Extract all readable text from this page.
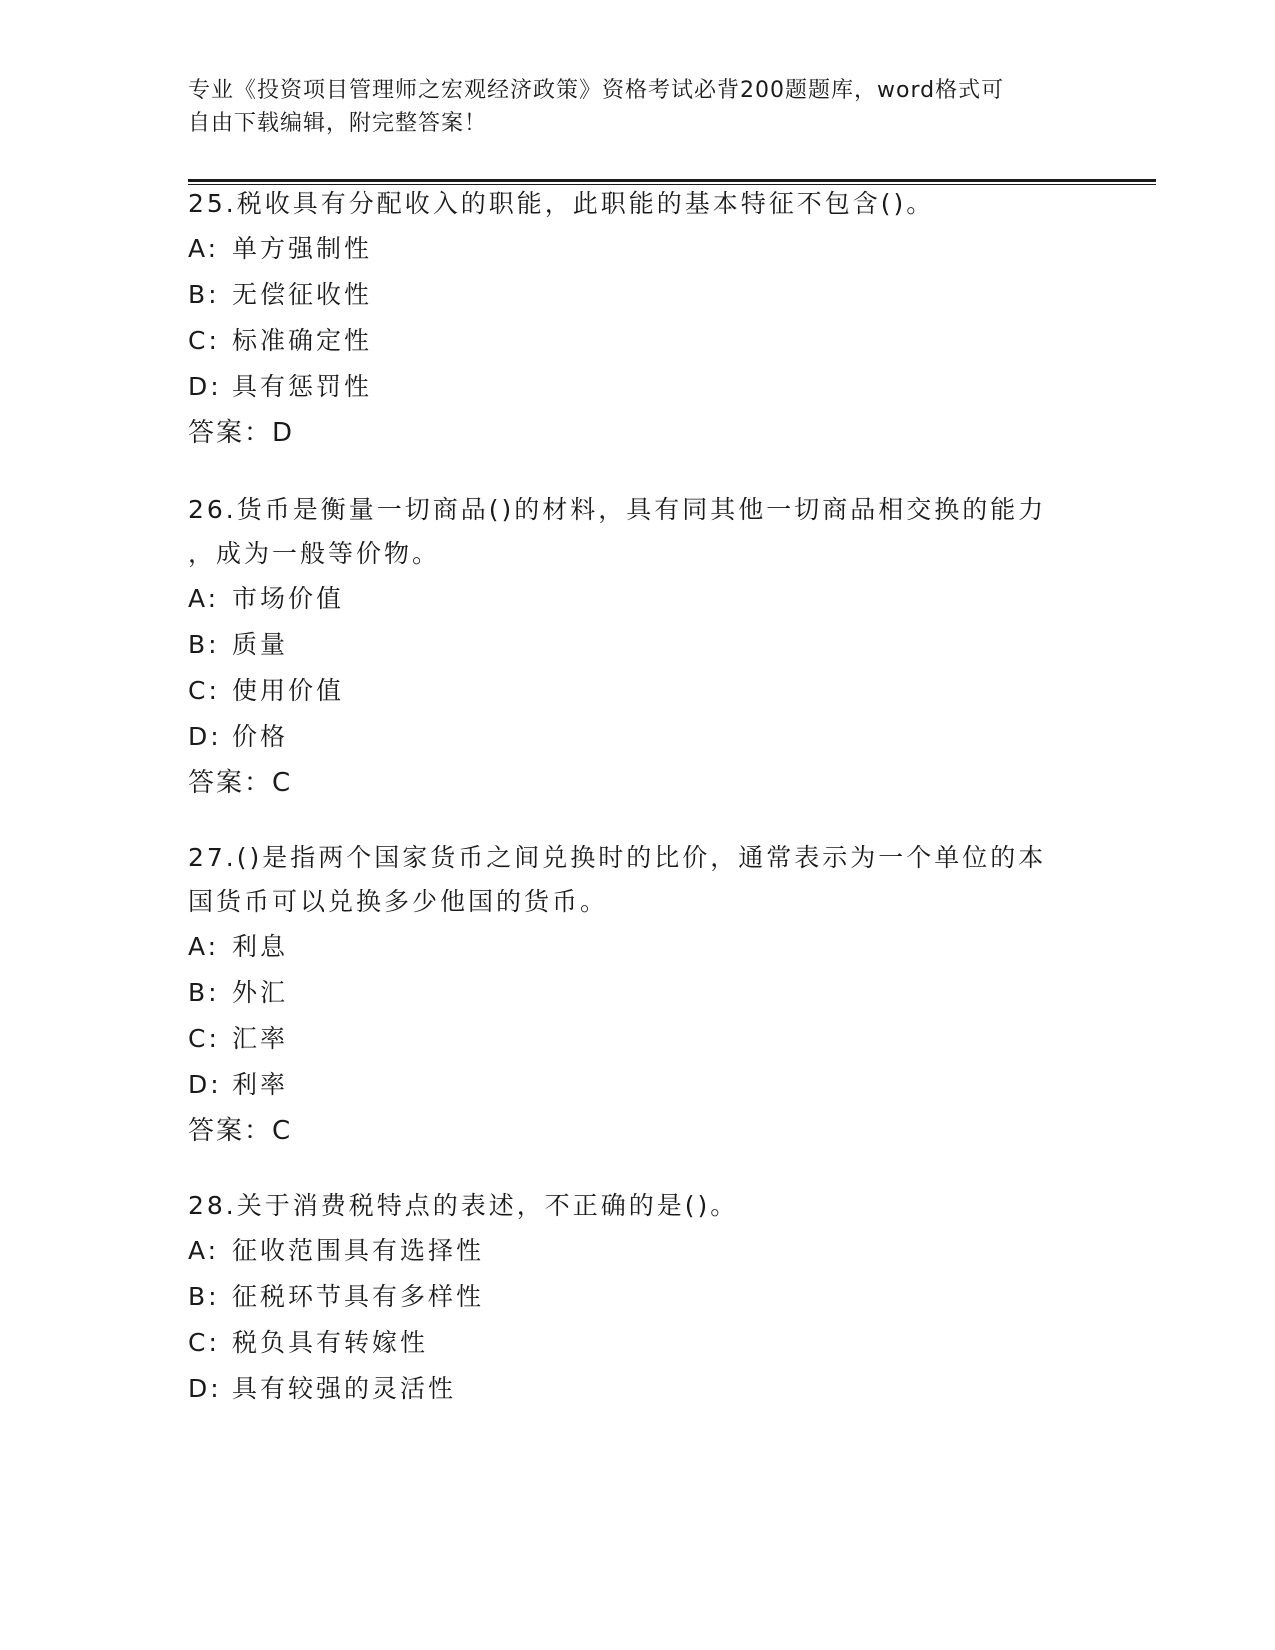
专业《投资项目管理师之宏观经济政策》资格考试必背200题题库，word格式可
自由下载编辑，附完整答案！

25.税收具有分配收入的职能，此职能的基本特征不包含()。

A: 单方强制性

B: 无偿征收性

C: 标准确定性

D: 具有惩罚性

答案：D

26.货币是衡量一切商品()的材料，具有同其他一切商品相交换的能力

，成为一般等价物。

A: 市场价值

B: 质量

C: 使用价值

D: 价格

答案：C

27.()是指两个国家货币之间兑换时的比价，通常表示为一个单位的本

国货币可以兑换多少他国的货币。

A: 利息

B: 外汇

C: 汇率

D: 利率

答案：C

28.关于消费税特点的表述，不正确的是()。

A: 征收范围具有选择性

B: 征税环节具有多样性

C: 税负具有转嫁性

D: 具有较强的灵活性
